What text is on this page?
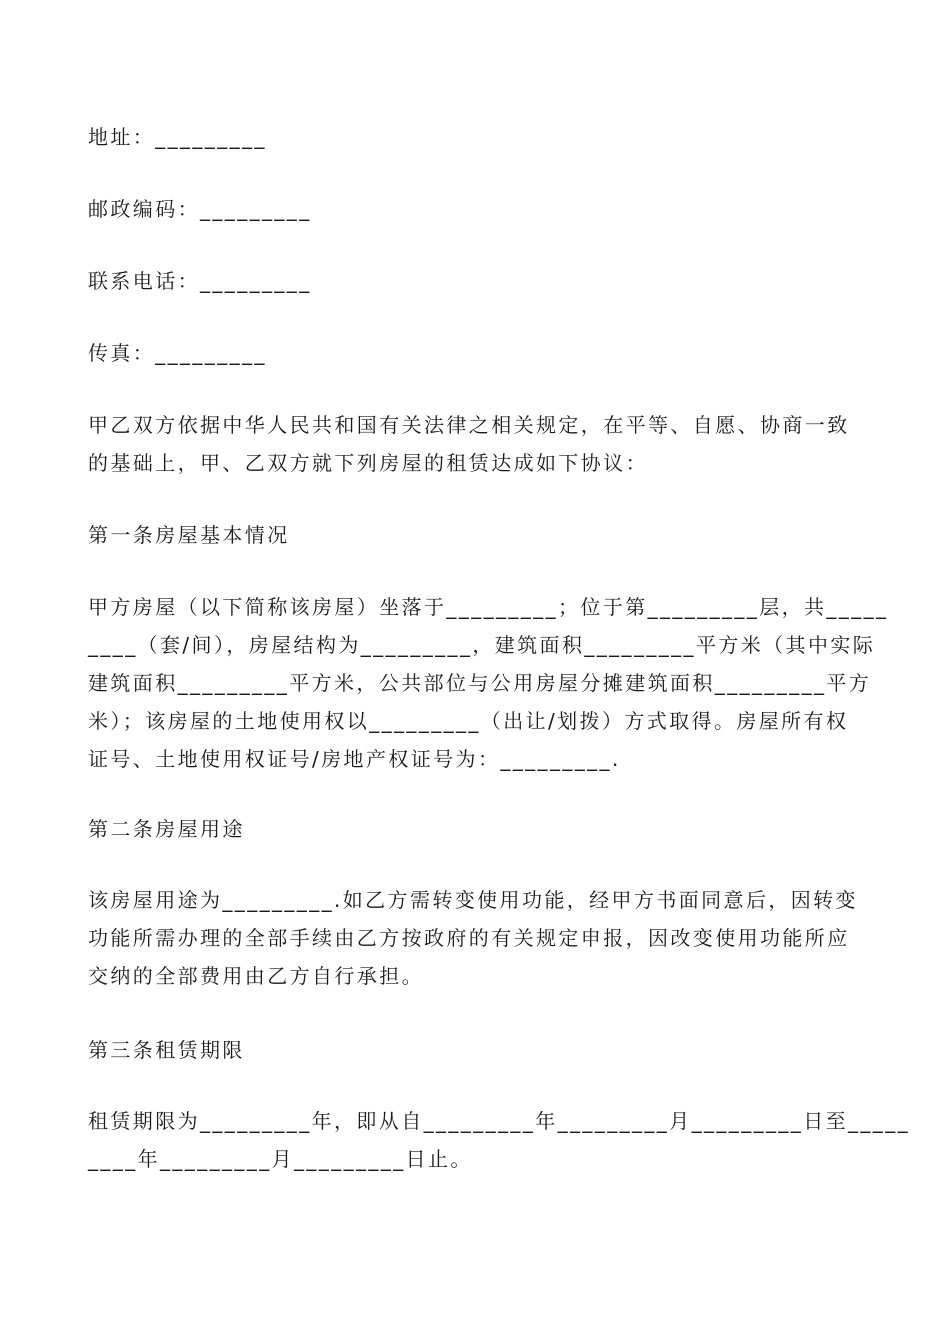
地址：_________

邮政编码：_________

联系电话：_________

传真：_________

甲乙双方依据中华人民共和国有关法律之相关规定，在平等、自愿、协商一致

的基础上，甲、乙双方就下列房屋的租赁达成如下协议：

第一条房屋基本情况

甲方房屋（以下简称该房屋）坐落于_________；位于第_________层，共_____

____（套/间），房屋结构为_________，建筑面积_________平方米（其中实际

建筑面积_________平方米，公共部位与公用房屋分摊建筑面积_________平方

米）；该房屋的土地使用权以_________（出让/划拨）方式取得。房屋所有权

证号、土地使用权证号/房地产权证号为：_________.

第二条房屋用途

该房屋用途为_________.如乙方需转变使用功能，经甲方书面同意后，因转变

功能所需办理的全部手续由乙方按政府的有关规定申报，因改变使用功能所应

交纳的全部费用由乙方自行承担。

第三条租赁期限

租赁期限为_________年，即从自_________年_________月_________日至_____

____年_________月_________日止。
